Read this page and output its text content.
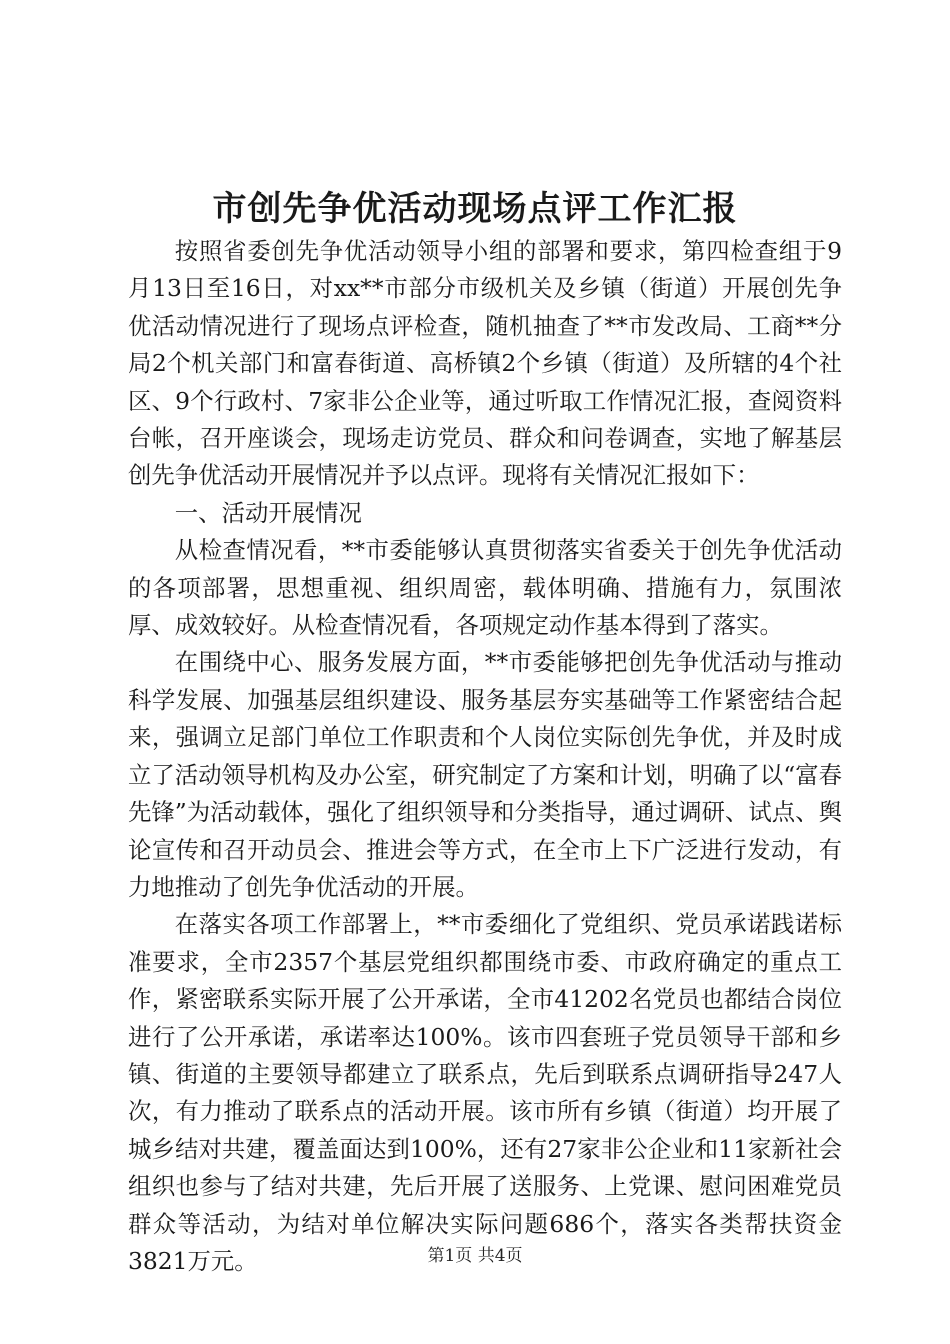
市创先争优活动现场点评工作汇报

按照省委创先争优活动领导小组的部署和要求，第四检查组于9月13日至16日，对xx**市部分市级机关及乡镇（街道）开展创先争优活动情况进行了现场点评检查，随机抽查了**市发改局、工商**分局2个机关部门和富春街道、高桥镇2个乡镇（街道）及所辖的4个社区、9个行政村、7家非公企业等，通过听取工作情况汇报，查阅资料台帐，召开座谈会，现场走访党员、群众和问卷调查，实地了解基层创先争优活动开展情况并予以点评。现将有关情况汇报如下：

一、活动开展情况

从检查情况看，**市委能够认真贯彻落实省委关于创先争优活动的各项部署，思想重视、组织周密，载体明确、措施有力，氛围浓厚、成效较好。从检查情况看，各项规定动作基本得到了落实。

在围绕中心、服务发展方面，**市委能够把创先争优活动与推动科学发展、加强基层组织建设、服务基层夯实基础等工作紧密结合起来，强调立足部门单位工作职责和个人岗位实际创先争优，并及时成立了活动领导机构及办公室，研究制定了方案和计划，明确了以“富春先锋”为活动载体，强化了组织领导和分类指导，通过调研、试点、舆论宣传和召开动员会、推进会等方式，在全市上下广泛进行发动，有力地推动了创先争优活动的开展。

在落实各项工作部署上，**市委细化了党组织、党员承诺践诺标准要求，全市2357个基层党组织都围绕市委、市政府确定的重点工作，紧密联系实际开展了公开承诺，全市41202名党员也都结合岗位进行了公开承诺，承诺率达100%。该市四套班子党员领导干部和乡镇、街道的主要领导都建立了联系点，先后到联系点调研指导247人次，有力推动了联系点的活动开展。该市所有乡镇（街道）均开展了城乡结对共建，覆盖面达到100%，还有27家非公企业和11家新社会组织也参与了结对共建，先后开展了送服务、上党课、慰问困难党员群众等活动，为结对单位解决实际问题686个，落实各类帮扶资金3821万元。	第1页 共4页
